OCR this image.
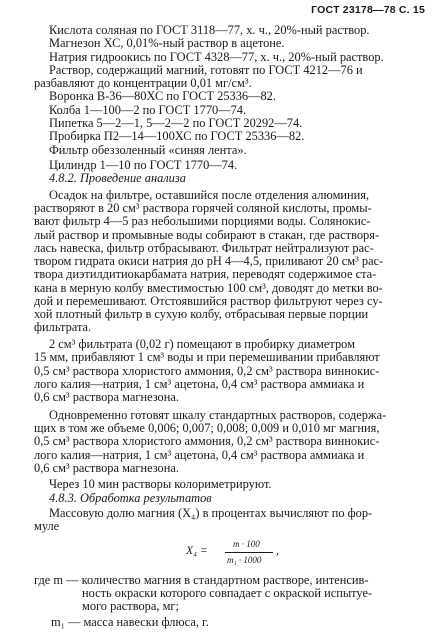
ГОСТ 23178—78 С. 15
Кислота соляная по ГОСТ 3118—77, х. ч., 20%-ный раствор.
Магнезон ХС, 0,01%-ный раствор в ацетоне.
Натрия гидроокись по ГОСТ 4328—77, х. ч., 20%-ный раствор.
Раствор, содержащий магний, готовят по ГОСТ 4212—76 и
разбавляют до концентрации 0,01 мг/см³.
Воронка В-36—80ХС по ГОСТ 25336—82.
Колба 1—100—2 по ГОСТ 1770—74.
Пипетка 5—2—1, 5—2—2 по ГОСТ 20292—74.
Пробирка П2—14—100ХС по ГОСТ 25336—82.
Фильтр обеззоленный «синяя лента».
Цилиндр 1—10 по ГОСТ 1770—74.
4.8.2. Проведение анализа
Осадок на фильтре, оставшийся после отделения алюминия,
растворяют в 20 см³ раствора горячей соляной кислоты, промы-
вают фильтр 4—5 раз небольшими порциями воды. Солянокис-
лый раствор и промывные воды собирают в стакан, где растворя-
лась навеска, фильтр отбрасывают. Фильтрат нейтрализуют рас-
твором гидрата окиси натрия до рН 4—4,5, приливают 20 см³ рас-
твора диэтилдитиокарбамата натрия, переводят содержимое ста-
кана в мерную колбу вместимостью 100 см³, доводят до метки во-
дой и перемешивают. Отстоявшийся раствор фильтруют через су-
хой плотный фильтр в сухую колбу, отбрасывая первые порции
фильтрата.
2 см³ фильтрата (0,02 г) помещают в пробирку диаметром
15 мм, прибавляют 1 см³ воды и при перемешивании прибавляют
0,5 см³ раствора хлористого аммония, 0,2 см³ раствора виннокис-
лого калия—натрия, 1 см³ ацетона, 0,4 см³ раствора аммиака и
0,6 см³ раствора магнезона.
Одновременно готовят шкалу стандартных растворов, содержа-
щих в том же объеме 0,006; 0,007; 0,008; 0,009 и 0,010 мг магния,
0,5 см³ раствора хлористого аммония, 0,2 см³ раствора виннокис-
лого калия—натрия, 1 см³ ацетона, 0,4 см³ раствора аммиака и
0,6 см³ раствора магнезона.
Через 10 мин растворы колориметрируют.
4.8.3. Обработка результатов
Массовую долю магния (X₄) в процентах вычисляют по фор-
муле
X₄ =
m · 100
m₁ · 1000
,
где m — количество магния в стандартном растворе, интенсив-
ность окраски которого совпадает с окраской испытуе-
мого раствора, мг;
m₁ — масса навески флюса, г.
